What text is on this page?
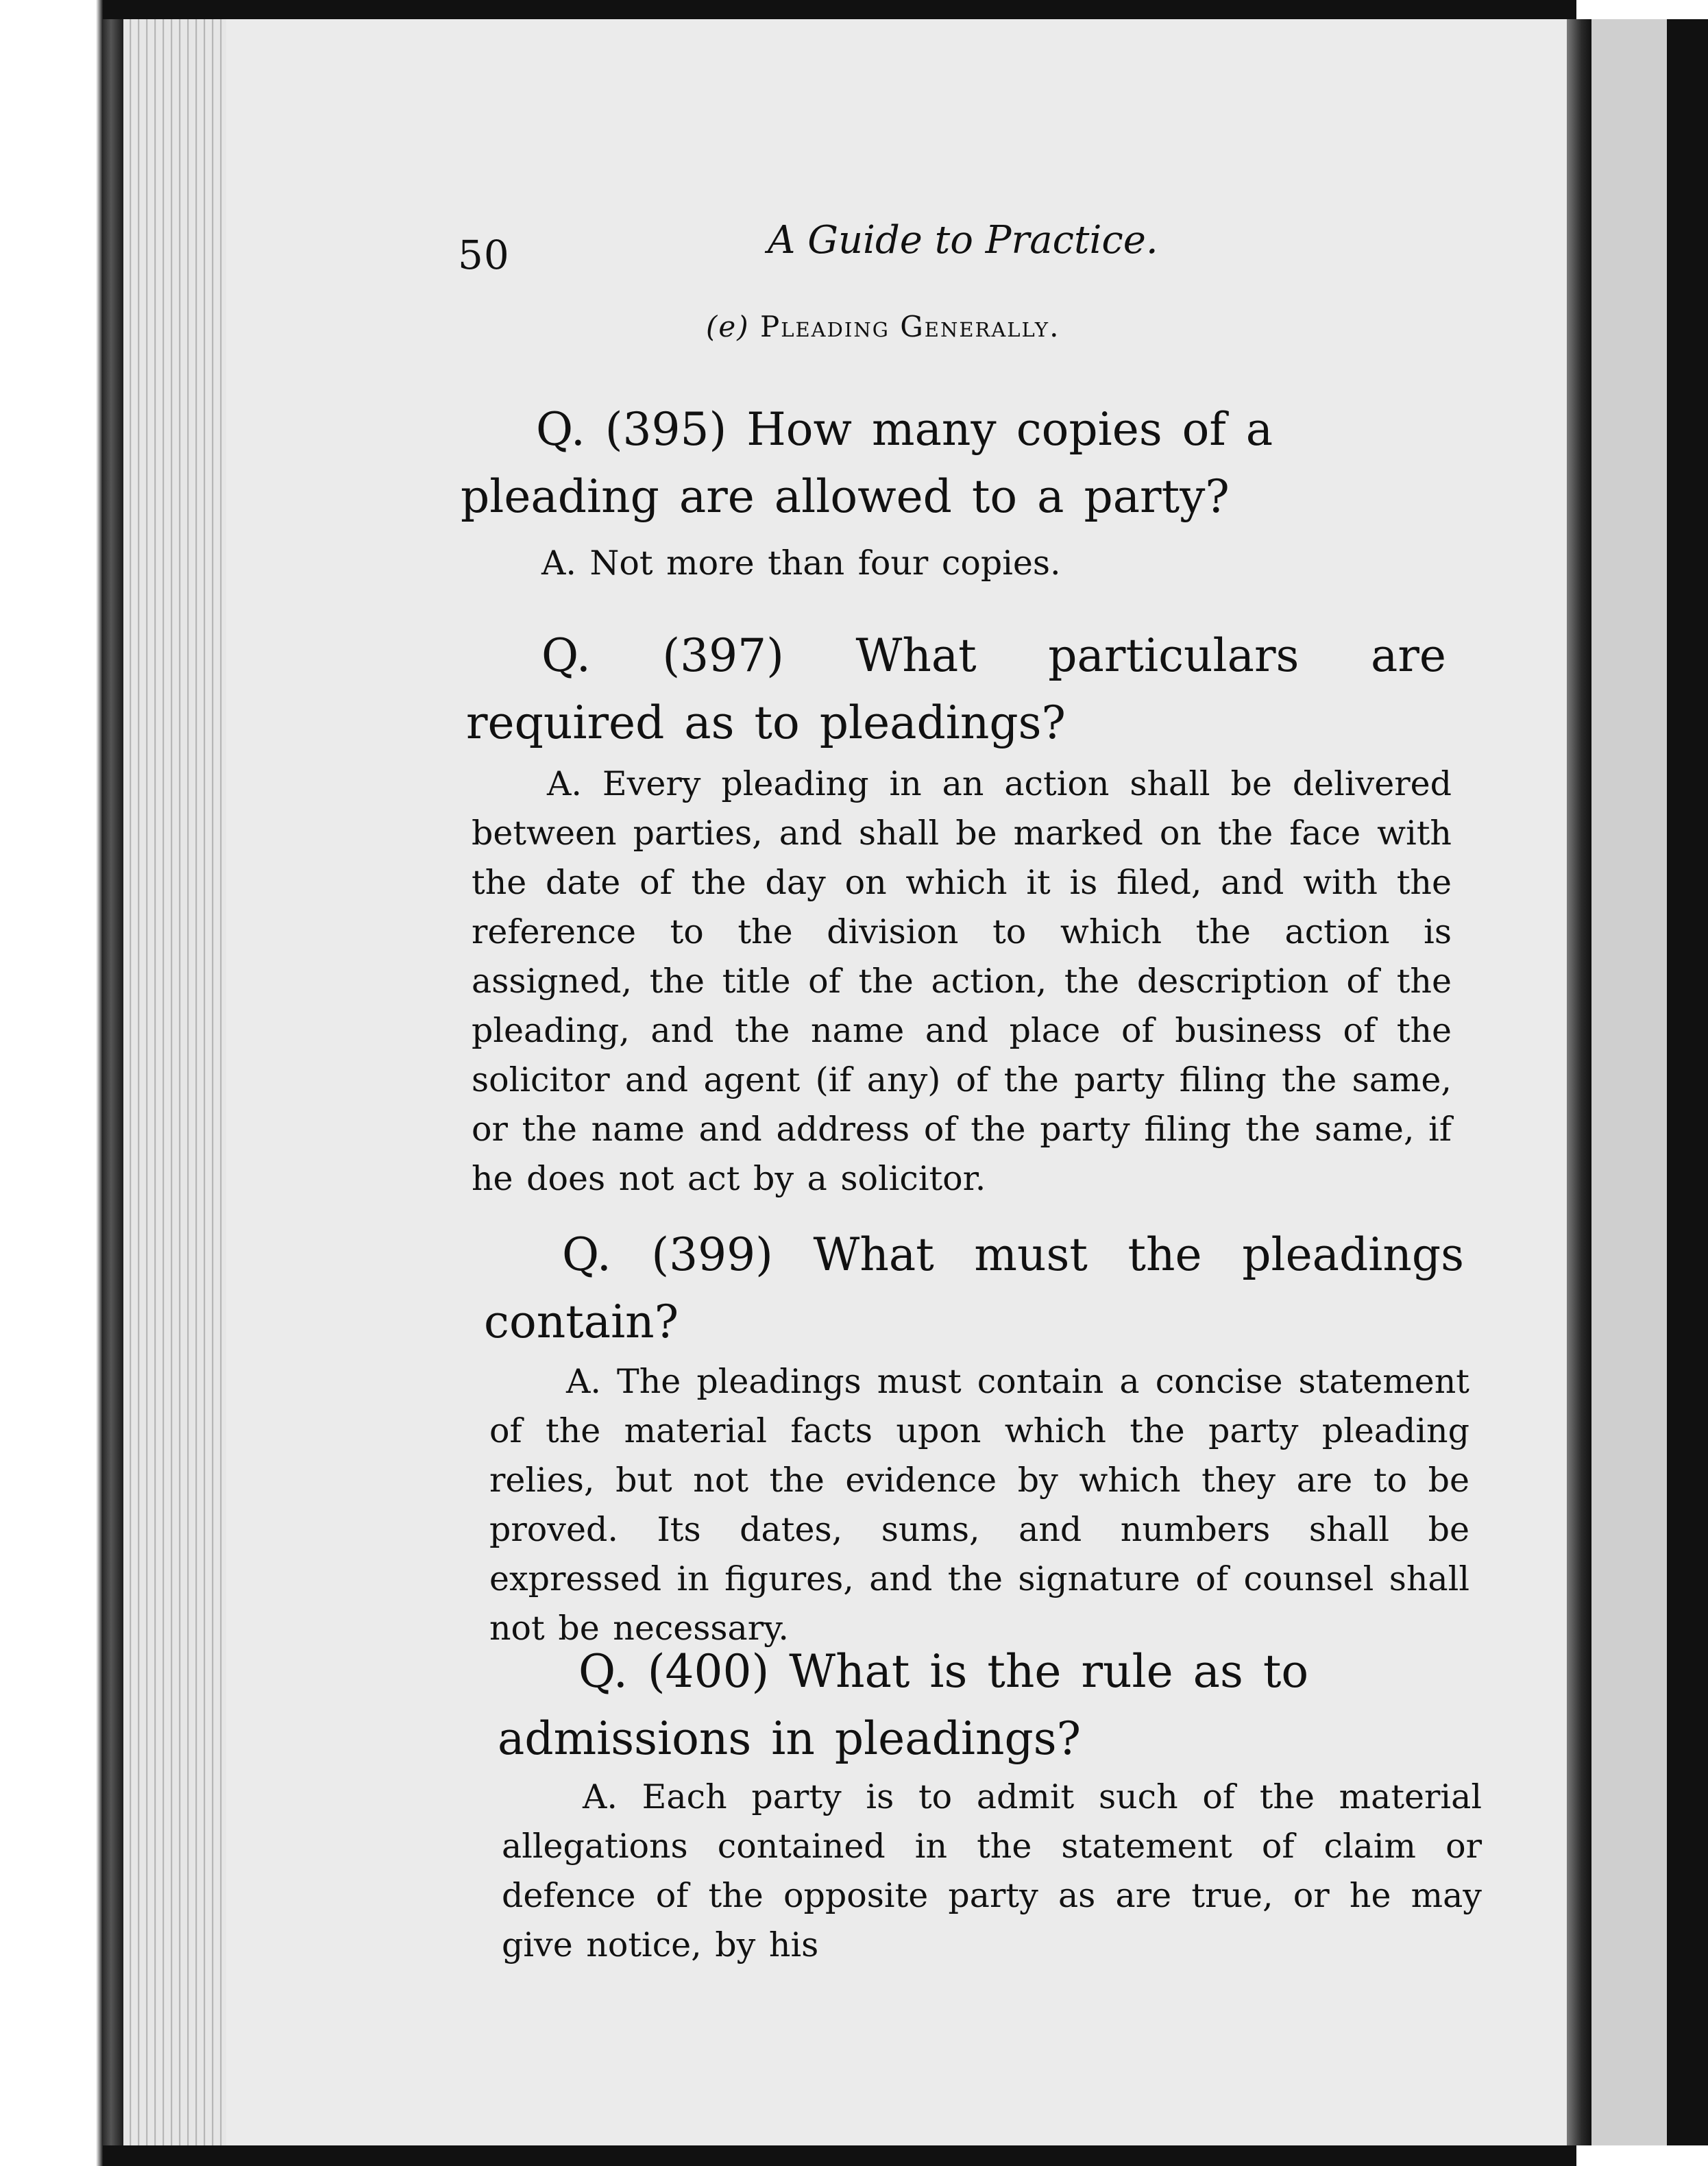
50	A Guide to Practice.
(e) Pleading Generally.
Q. (395) How many copies of a pleading are allowed to a party?
A. Not more than four copies.
Q. (397) What particulars are required as to pleadings?
A. Every pleading in an action shall be delivered between parties, and shall be marked on the face with the date of the day on which it is filed, and with the reference to the division to which the action is assigned, the title of the action, the description of the pleading, and the name and place of business of the solicitor and agent (if any) of the party filing the same, or the name and address of the party filing the same, if he does not act by a solicitor.
Q. (399) What must the pleadings contain?
A. The pleadings must contain a concise statement of the material facts upon which the party pleading relies, but not the evidence by which they are to be proved. Its dates, sums, and numbers shall be expressed in figures, and the signature of counsel shall not be necessary.
Q. (400) What is the rule as to admissions in pleadings?
A. Each party is to admit such of the material allegations contained in the statement of claim or defence of the opposite party as are true, or he may give notice, by his
